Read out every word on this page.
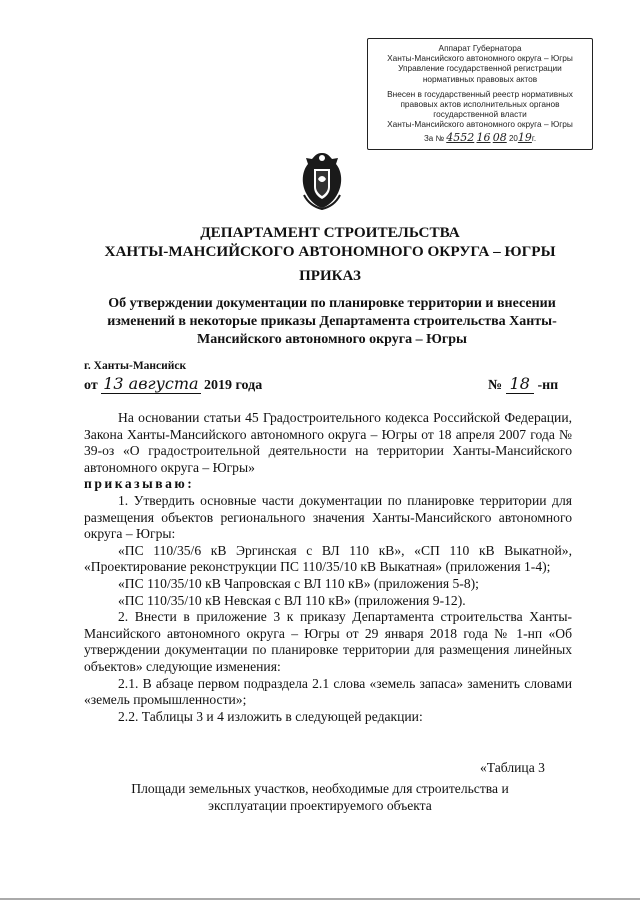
Аппарат Губернатора
Ханты-Мансийского автономного округа – Югры
Управление государственной регистрации
нормативных правовых актов
Внесен в государственный реестр нормативных
правовых актов исполнительных органов
государственной власти
Ханты-Мансийского автономного округа – Югры
За № 4552 16 08 2019г.
ДЕПАРТАМЕНТ СТРОИТЕЛЬСТВА
ХАНТЫ-МАНСИЙСКОГО АВТОНОМНОГО ОКРУГА – ЮГРЫ
ПРИКАЗ
Об утверждении документации по планировке территории и внесении изменений в некоторые приказы Департамента строительства Ханты-Мансийского автономного округа – Югры
г. Ханты-Мансийск
от 13 августа 2019 года	№ 18 -нп

На основании статьи 45 Градостроительного кодекса Российской Федерации, Закона Ханты-Мансийского автономного округа – Югры от 18 апреля 2007 года № 39-оз «О градостроительной деятельности на территории Ханты-Мансийского автономного округа – Югры»

приказываю:

1. Утвердить основные части документации по планировке территории для размещения объектов регионального значения Ханты-Мансийского автономного округа – Югры:

«ПС 110/35/6 кВ Эргинская с ВЛ 110 кВ», «СП 110 кВ Выкатной», «Проектирование реконструкции ПС 110/35/10 кВ Выкатная» (приложения 1-4);

«ПС 110/35/10 кВ Чапровская с ВЛ 110 кВ» (приложения 5-8);

«ПС 110/35/10 кВ Невская с ВЛ 110 кВ» (приложения 9-12).

2. Внести в приложение 3 к приказу Департамента строительства Ханты-Мансийского автономного округа – Югры от 29 января 2018 года № 1-нп «Об утверждении документации по планировке территории для размещения линейных объектов» следующие изменения:

2.1. В абзаце первом подраздела 2.1 слова «земель запаса» заменить словами «земель промышленности»;

2.2. Таблицы 3 и 4 изложить в следующей редакции:

«Таблица 3
Площади земельных участков, необходимые для строительства и
эксплуатации проектируемого объекта
